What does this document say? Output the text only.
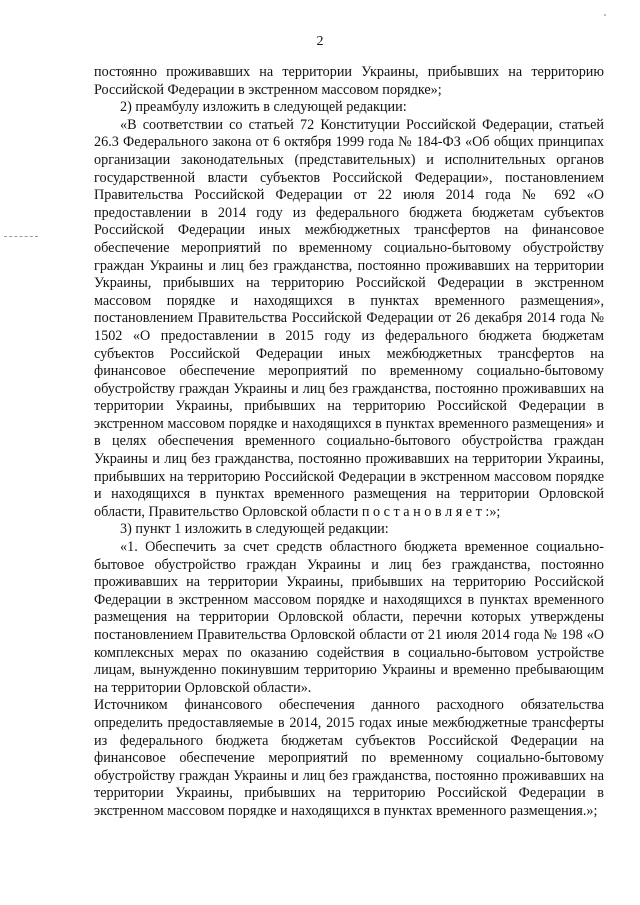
2

постоянно проживавших на территории Украины, прибывших на территорию Российской Федерации в экстренном массовом порядке»;

2) преамбулу изложить в следующей редакции:

«В соответствии со статьей 72 Конституции Российской Федерации, статьей 26.3 Федерального закона от 6 октября 1999 года № 184-ФЗ «Об общих принципах организации законодательных (представительных) и исполнительных органов государственной власти субъектов Российской Федерации», постановлением Правительства Российской Федерации от 22 июля 2014 года № 692 «О предоставлении в 2014 году из федерального бюджета бюджетам субъектов Российской Федерации иных межбюджетных трансфертов на финансовое обеспечение мероприятий по временному социально-бытовому обустройству граждан Украины и лиц без гражданства, постоянно проживавших на территории Украины, прибывших на территорию Российской Федерации в экстренном массовом порядке и находящихся в пунктах временного размещения», постановлением Правительства Российской Федерации от 26 декабря 2014 года № 1502 «О предоставлении в 2015 году из федерального бюджета бюджетам субъектов Российской Федерации иных межбюджетных трансфертов на финансовое обеспечение мероприятий по временному социально-бытовому обустройству граждан Украины и лиц без гражданства, постоянно проживавших на территории Украины, прибывших на территорию Российской Федерации в экстренном массовом порядке и находящихся в пунктах временного размещения» и в целях обеспечения временного социально-бытового обустройства граждан Украины и лиц без гражданства, постоянно проживавших на территории Украины, прибывших на территорию Российской Федерации в экстренном массовом порядке и находящихся в пунктах временного размещения на территории Орловской области, Правительство Орловской области п о с т а н о в л я е т :»;

3) пункт 1 изложить в следующей редакции:

«1. Обеспечить за счет средств областного бюджета временное социально-бытовое обустройство граждан Украины и лиц без гражданства, постоянно проживавших на территории Украины, прибывших на территорию Российской Федерации в экстренном массовом порядке и находящихся в пунктах временного размещения на территории Орловской области, перечни которых утверждены постановлением Правительства Орловской области от 21 июля 2014 года № 198 «О комплексных мерах по оказанию содействия в социально-бытовом устройстве лицам, вынужденно покинувшим территорию Украины и временно пребывающим на территории Орловской области».

Источником финансового обеспечения данного расходного обязательства определить предоставляемые в 2014, 2015 годах иные межбюджетные трансферты из федерального бюджета бюджетам субъектов Российской Федерации на финансовое обеспечение мероприятий по временному социально-бытовому обустройству граждан Украины и лиц без гражданства, постоянно проживавших на территории Украины, прибывших на территорию Российской Федерации в экстренном массовом порядке и находящихся в пунктах временного размещения.»;
